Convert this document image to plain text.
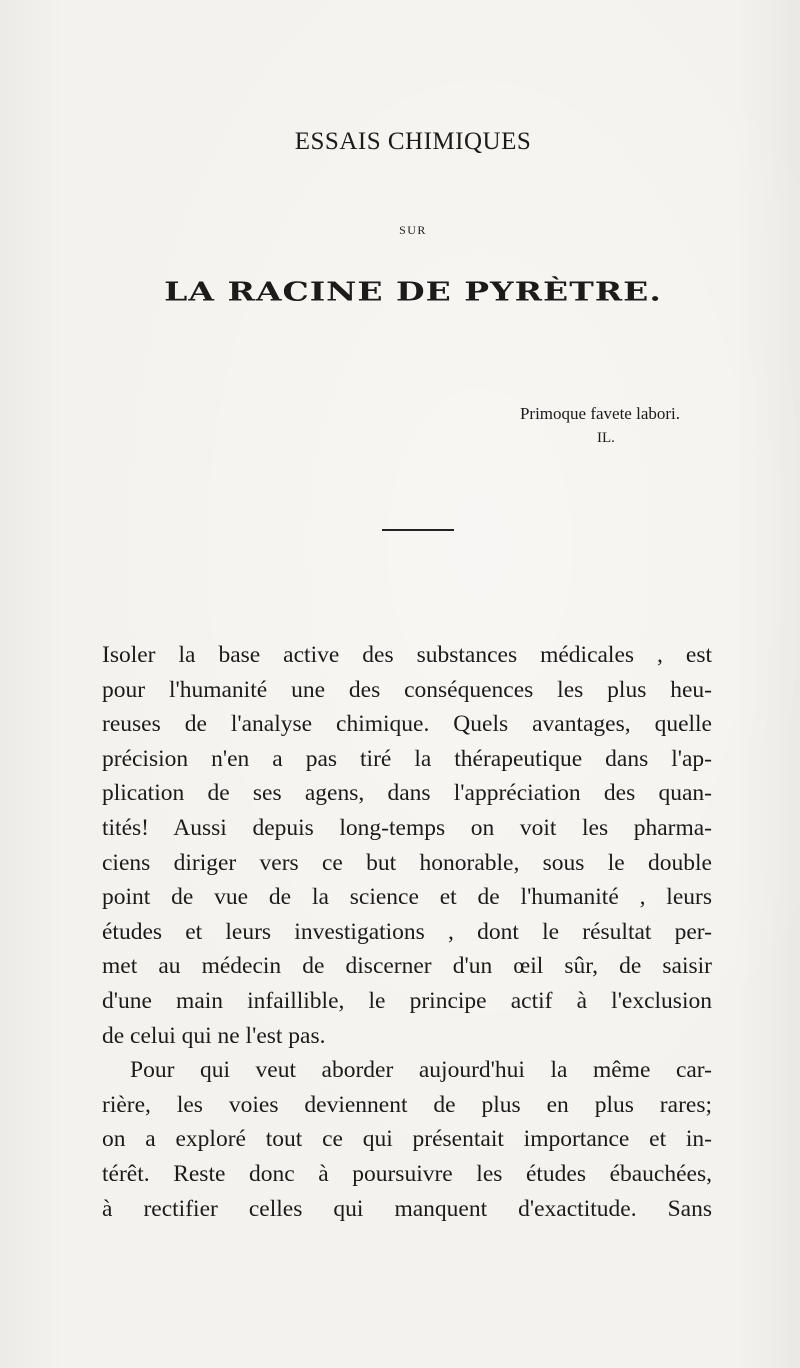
ESSAIS CHIMIQUES
SUR
LA RACINE DE PYRÈTRE.

Primoque favete labori.

IL.
Isoler la base active des substances médicales , est
pour l'humanité une des conséquences les plus heu-
reuses de l'analyse chimique. Quels avantages, quelle
précision n'en a pas tiré la thérapeutique dans l'ap-
plication de ses agens, dans l'appréciation des quan-
tités! Aussi depuis long-temps on voit les pharma-
ciens diriger vers ce but honorable, sous le double
point de vue de la science et de l'humanité , leurs
études et leurs investigations , dont le résultat per-
met au médecin de discerner d'un œil sûr, de saisir
d'une main infaillible, le principe actif à l'exclusion
de celui qui ne l'est pas.
Pour qui veut aborder aujourd'hui la même car-
rière, les voies deviennent de plus en plus rares;
on a exploré tout ce qui présentait importance et in-
térêt. Reste donc à poursuivre les études ébauchées,
à rectifier celles qui manquent d'exactitude. Sans
